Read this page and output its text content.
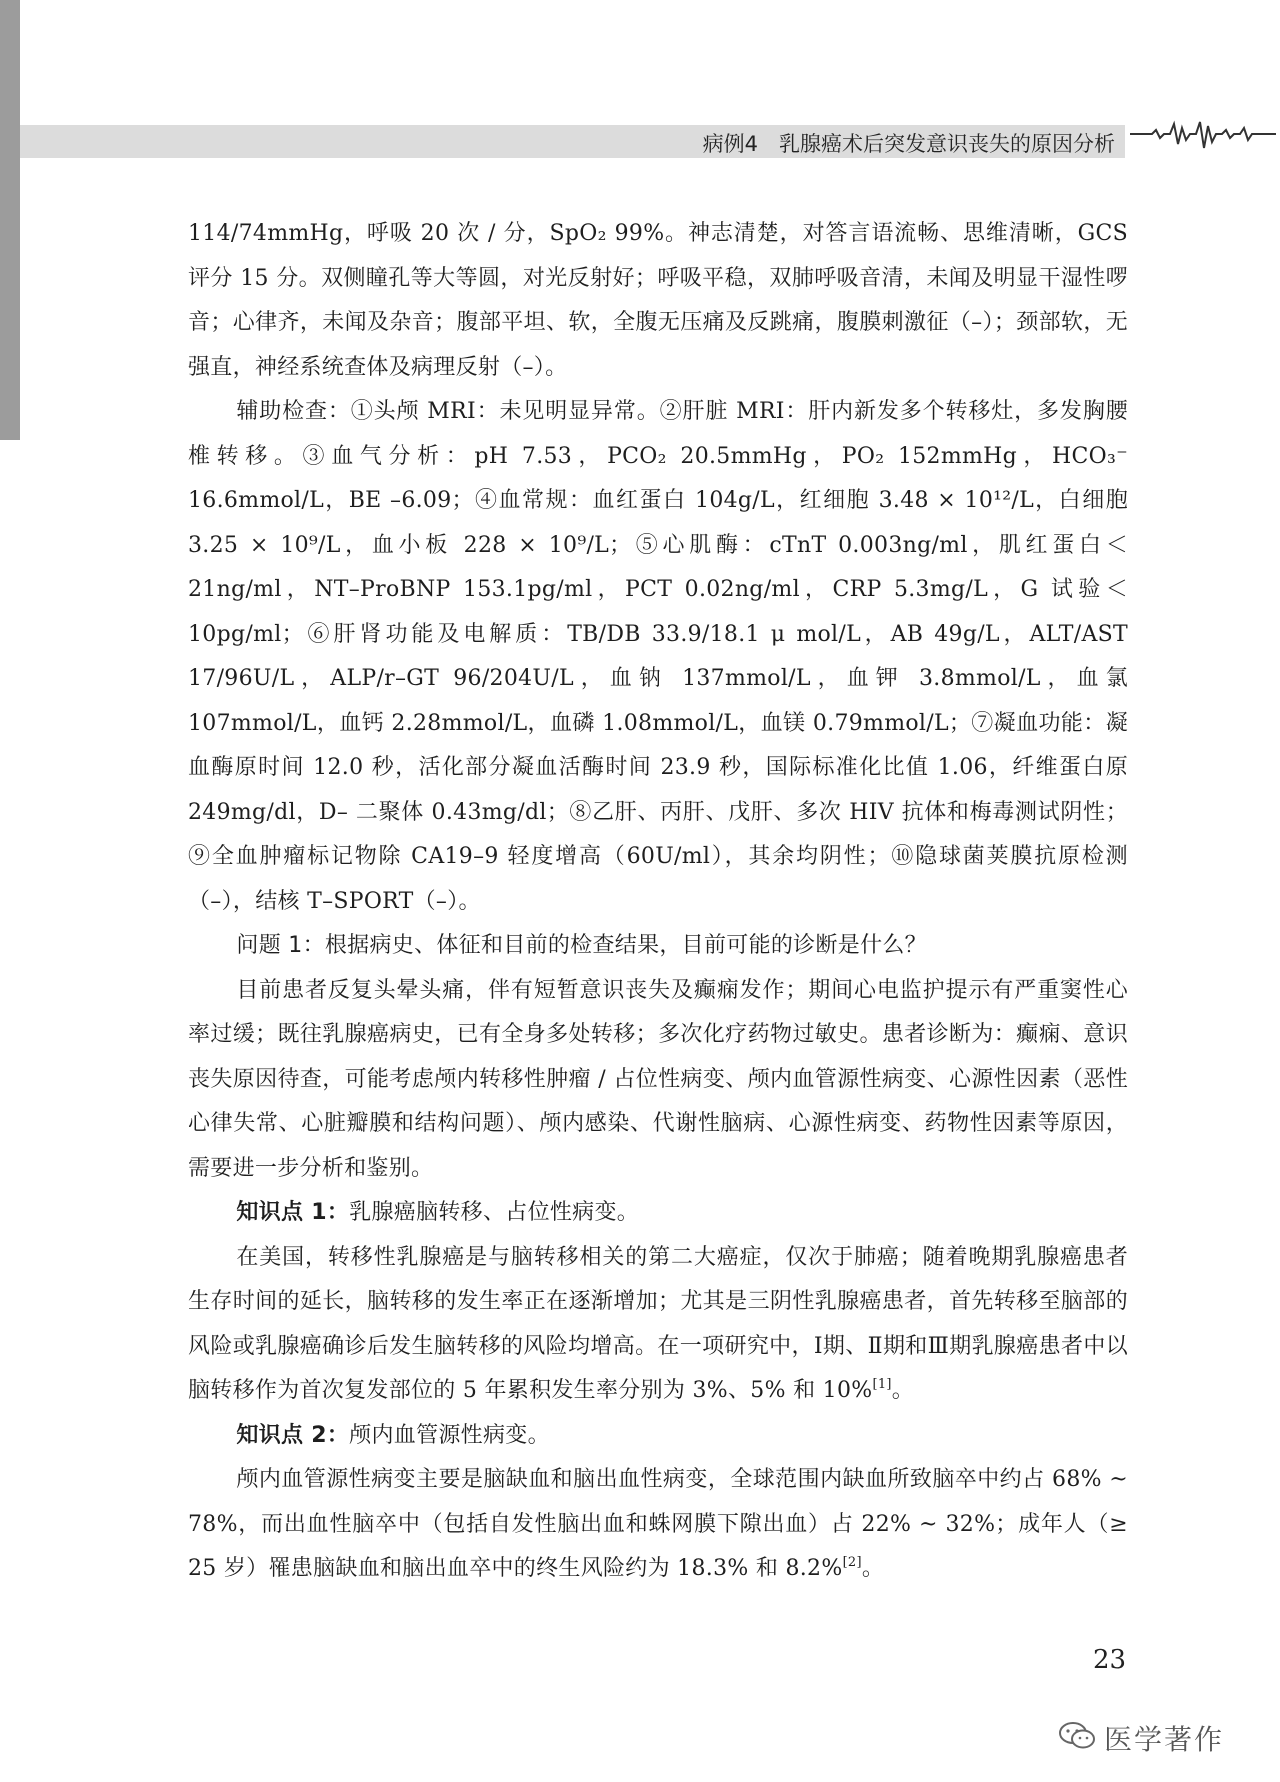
病例4　乳腺癌术后突发意识丧失的原因分析

114/74mmHg，呼吸 20 次 / 分，SpO₂ 99%。神志清楚，对答言语流畅、思维清晰，GCS 评分 15 分。双侧瞳孔等大等圆，对光反射好；呼吸平稳，双肺呼吸音清，未闻及明显干湿性啰音；心律齐，未闻及杂音；腹部平坦、软，全腹无压痛及反跳痛，腹膜刺激征（–）；颈部软，无强直，神经系统查体及病理反射（–）。

辅助检查：①头颅 MRI：未见明显异常。②肝脏 MRI：肝内新发多个转移灶，多发胸腰椎转移。③血气分析：pH 7.53，PCO₂ 20.5mmHg，PO₂ 152mmHg，HCO₃⁻ 16.6mmol/L，BE –6.09；④血常规：血红蛋白 104g/L，红细胞 3.48 × 10¹²/L，白细胞 3.25 × 10⁹/L，血小板 228 × 10⁹/L；⑤心肌酶：cTnT 0.003ng/ml，肌红蛋白＜ 21ng/ml，NT–ProBNP 153.1pg/ml，PCT 0.02ng/ml，CRP 5.3mg/L，G 试验＜ 10pg/ml；⑥肝肾功能及电解质：TB/DB 33.9/18.1 μ mol/L，AB 49g/L，ALT/AST 17/96U/L，ALP/r–GT 96/204U/L，血钠 137mmol/L，血钾 3.8mmol/L，血氯 107mmol/L，血钙 2.28mmol/L，血磷 1.08mmol/L，血镁 0.79mmol/L；⑦凝血功能：凝血酶原时间 12.0 秒，活化部分凝血活酶时间 23.9 秒，国际标准化比值 1.06，纤维蛋白原 249mg/dl，D– 二聚体 0.43mg/dl；⑧乙肝、丙肝、戊肝、多次 HIV 抗体和梅毒测试阴性；⑨全血肿瘤标记物除 CA19–9 轻度增高（60U/ml），其余均阴性；⑩隐球菌荚膜抗原检测（–），结核 T–SPORT（–）。

问题 1：根据病史、体征和目前的检查结果，目前可能的诊断是什么？

目前患者反复头晕头痛，伴有短暂意识丧失及癫痫发作；期间心电监护提示有严重窦性心率过缓；既往乳腺癌病史，已有全身多处转移；多次化疗药物过敏史。患者诊断为：癫痫、意识丧失原因待查，可能考虑颅内转移性肿瘤 / 占位性病变、颅内血管源性病变、心源性因素（恶性心律失常、心脏瓣膜和结构问题）、颅内感染、代谢性脑病、心源性病变、药物性因素等原因，需要进一步分析和鉴别。

知识点 1：乳腺癌脑转移、占位性病变。

在美国，转移性乳腺癌是与脑转移相关的第二大癌症，仅次于肺癌；随着晚期乳腺癌患者生存时间的延长，脑转移的发生率正在逐渐增加；尤其是三阴性乳腺癌患者，首先转移至脑部的风险或乳腺癌确诊后发生脑转移的风险均增高。在一项研究中，Ⅰ期、Ⅱ期和Ⅲ期乳腺癌患者中以脑转移作为首次复发部位的 5 年累积发生率分别为 3%、5% 和 10%[1]。

知识点 2：颅内血管源性病变。

颅内血管源性病变主要是脑缺血和脑出血性病变，全球范围内缺血所致脑卒中约占 68% ~ 78%，而出血性脑卒中（包括自发性脑出血和蛛网膜下隙出血）占 22% ~ 32%；成年人（≥ 25 岁）罹患脑缺血和脑出血卒中的终生风险约为 18.3% 和 8.2%[2]。

23
医学著作
